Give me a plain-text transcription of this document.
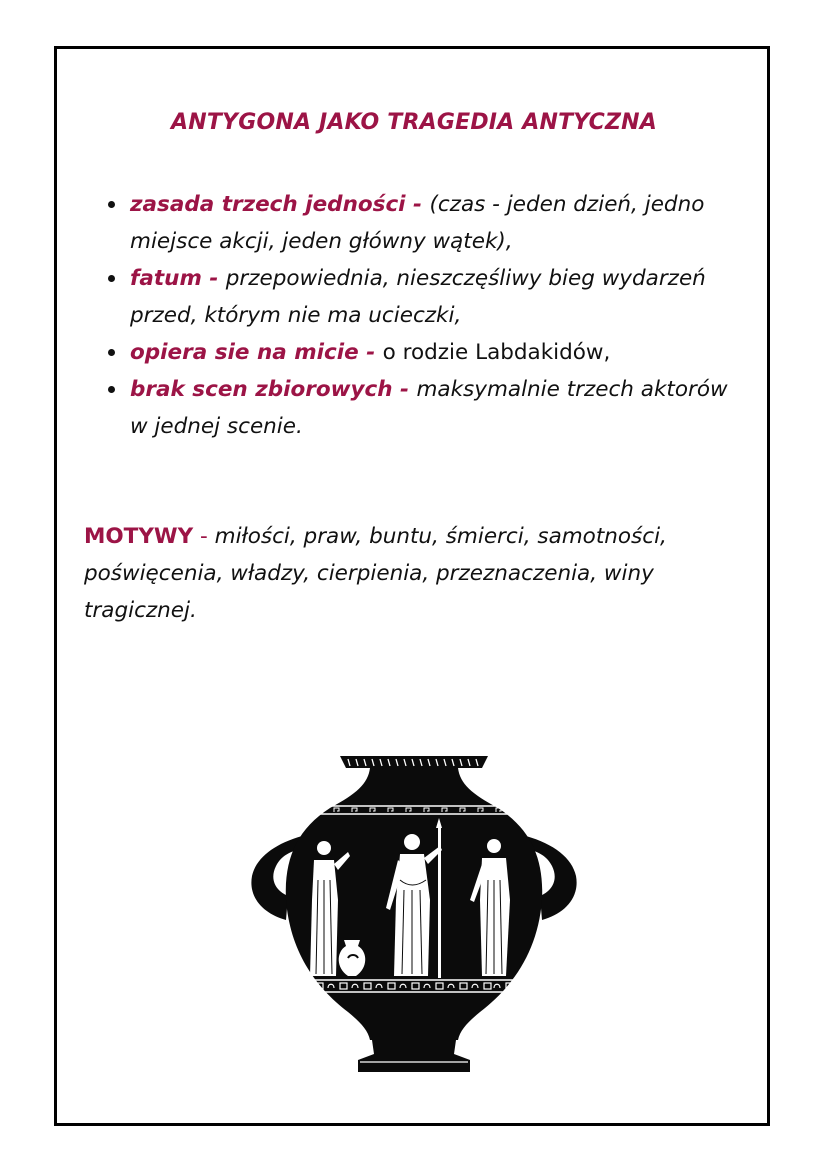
ANTYGONA JAKO TRAGEDIA ANTYCZNA
zasada trzech jedności - (czas - jeden dzień, jedno miejsce akcji, jeden główny wątek),
fatum - przepowiednia, nieszczęśliwy bieg wydarzeń przed, którym nie ma ucieczki,
opiera sie na micie - o rodzie Labdakidów,
brak scen zbiorowych - maksymalnie trzech aktorów w jednej scenie.

MOTYWY - miłości, praw, buntu, śmierci, samotności, poświęcenia, władzy, cierpienia, przeznaczenia, winy tragicznej.
